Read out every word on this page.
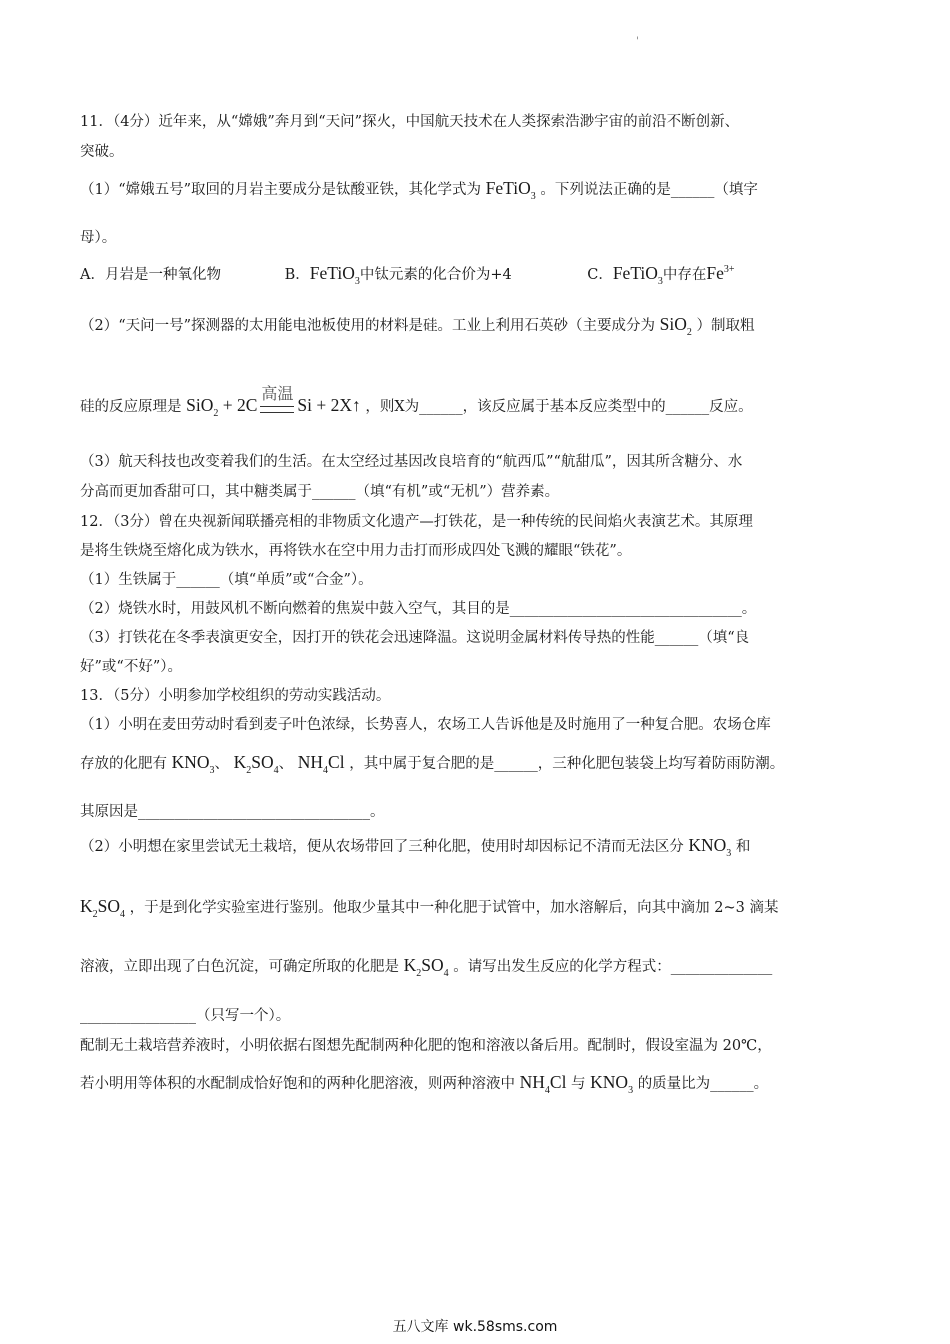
'
11．（4分）近年来，从“嫦娥”奔月到“天问”探火，中国航天技术在人类探索浩渺宇宙的前沿不断创新、
突破。
（1）“嫦娥五号”取回的月岩主要成分是钛酸亚铁，其化学式为 FeTiO$_3$ 。下列说法正确的是______（填字
母）。
A．月岩是一种氧化物	B．FeTiO$_3$中钛元素的化合价为+4	C．FeTiO$_3$中存在$Fe^{3+}$
（2）“天问一号”探测器的太用能电池板使用的材料是硅。工业上利用石英砂（主要成分为 SiO$_2$ ）制取粗
硅的反应原理是 SiO$_2$ + 2C
高温
Si + 2X↑ ，则X为______，该反应属于基本反应类型中的______反应。
（3）航天科技也改变着我们的生活。在太空经过基因改良培育的“航西瓜”“航甜瓜”，因其所含糖分、水
分高而更加香甜可口，其中糖类属于______（填“有机”或“无机”）营养素。
12．（3分）曾在央视新闻联播亮相的非物质文化遗产—打铁花，是一种传统的民间焰火表演艺术。其原理
是将生铁烧至熔化成为铁水，再将铁水在空中用力击打而形成四处飞溅的耀眼“铁花”。
（1）生铁属于______（填“单质”或“合金”）。
（2）烧铁水时，用鼓风机不断向燃着的焦炭中鼓入空气，其目的是________________________________。
（3）打铁花在冬季表演更安全，因打开的铁花会迅速降温。这说明金属材料传导热的性能______（填“良
好”或“不好”）。
13．（5分）小明参加学校组织的劳动实践活动。
（1）小明在麦田劳动时看到麦子叶色浓绿，长势喜人，农场工人告诉他是及时施用了一种复合肥。农场仓库
存放的化肥有 $KNO_3$、 $K_2SO_4$、 $NH_4Cl$ ，其中属于复合肥的是______，三种化肥包装袋上均写着防雨防潮。
其原因是________________________________。
（2）小明想在家里尝试无土栽培，便从农场带回了三种化肥，使用时却因标记不清而无法区分 $KNO_3$ 和
$K_2SO_4$ ，于是到化学实验室进行鉴别。他取少量其中一种化肥于试管中，加水溶解后，向其中滴加 2~3 滴某
溶液，立即出现了白色沉淀，可确定所取的化肥是 $K_2SO_4$ 。请写出发生反应的化学方程式：______________
________________（只写一个）。
配制无土栽培营养液时，小明依据右图想先配制两种化肥的饱和溶液以备后用。配制时，假设室温为 20℃，
若小明用等体积的水配制成恰好饱和的两种化肥溶液，则两种溶液中 $NH_4Cl$ 与 $KNO_3$ 的质量比为______。
五八文库 wk.58sms.com
